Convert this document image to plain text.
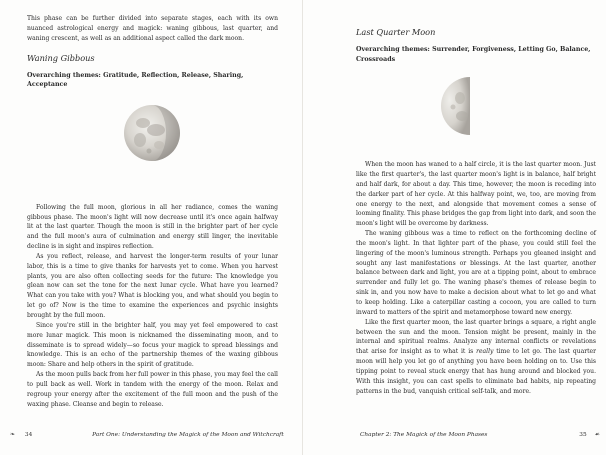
This phase can be further divided into separate stages, each with its own nuanced astrological energy and magick: waning gibbous, last quarter, and waning crescent, as well as an additional aspect called the dark moon.

Waning Gibbous
Overarching themes: Gratitude, Reflection, Release, Sharing, Acceptance

Following the full moon, glorious in all her radiance, comes the waning gibbous phase. The moon's light will now decrease until it's once again halfway lit at the last quarter. Though the moon is still in the brighter part of her cycle and the full moon's aura of culmination and energy still linger, the inevitable decline is in sight and inspires reflection.

As you reflect, release, and harvest the longer-term results of your lunar labor, this is a time to give thanks for harvests yet to come. When you harvest plants, you are also often collecting seeds for the future: The knowledge you glean now can set the tone for the next lunar cycle. What have you learned? What can you take with you? What is blocking you, and what should you begin to let go of? Now is the time to examine the experiences and psychic insights brought by the full moon.

Since you're still in the brighter half, you may yet feel empowered to cast more lunar magick. This moon is nicknamed the disseminating moon, and to disseminate is to spread widely—so focus your magick to spread blessings and knowledge. This is an echo of the partnership themes of the waxing gibbous moon: Share and help others in the spirit of gratitude.

As the moon pulls back from her full power in this phase, you may feel the call to pull back as well. Work in tandem with the energy of the moon. Relax and regroup your energy after the excitement of the full moon and the push of the waxing phase. Cleanse and begin to release.

❧ 34	Part One: Understanding the Magick of the Moon and Witchcraft
Last Quarter Moon
Overarching themes: Surrender, Forgiveness, Letting Go, Balance, Crossroads

When the moon has waned to a half circle, it is the last quarter moon. Just like the first quarter's, the last quarter moon's light is in balance, half bright and half dark, for about a day. This time, however, the moon is receding into the darker part of her cycle. At this halfway point, we, too, are moving from one energy to the next, and alongside that movement comes a sense of looming finality. This phase bridges the gap from light into dark, and soon the moon's light will be overcome by darkness.

The waning gibbous was a time to reflect on the forthcoming decline of the moon's light. In that lighter part of the phase, you could still feel the lingering of the moon's luminous strength. Perhaps you gleaned insight and sought any last manifestations or blessings. At the last quarter, another balance between dark and light, you are at a tipping point, about to embrace surrender and fully let go. The waning phase's themes of release begin to sink in, and you now have to make a decision about what to let go and what to keep holding. Like a caterpillar casting a cocoon, you are called to turn inward to matters of the spirit and metamorphose toward new energy.

Like the first quarter moon, the last quarter brings a square, a right angle between the sun and the moon. Tension might be present, mainly in the internal and spiritual realms. Analyze any internal conflicts or revelations that arise for insight as to what it is really time to let go. The last quarter moon will help you let go of anything you have been holding on to. Use this tipping point to reveal stuck energy that has hung around and blocked you. With this insight, you can cast spells to eliminate bad habits, nip repeating patterns in the bud, vanquish critical self-talk, and more.

Chapter 2: The Magick of the Moon Phases	35 ☙
